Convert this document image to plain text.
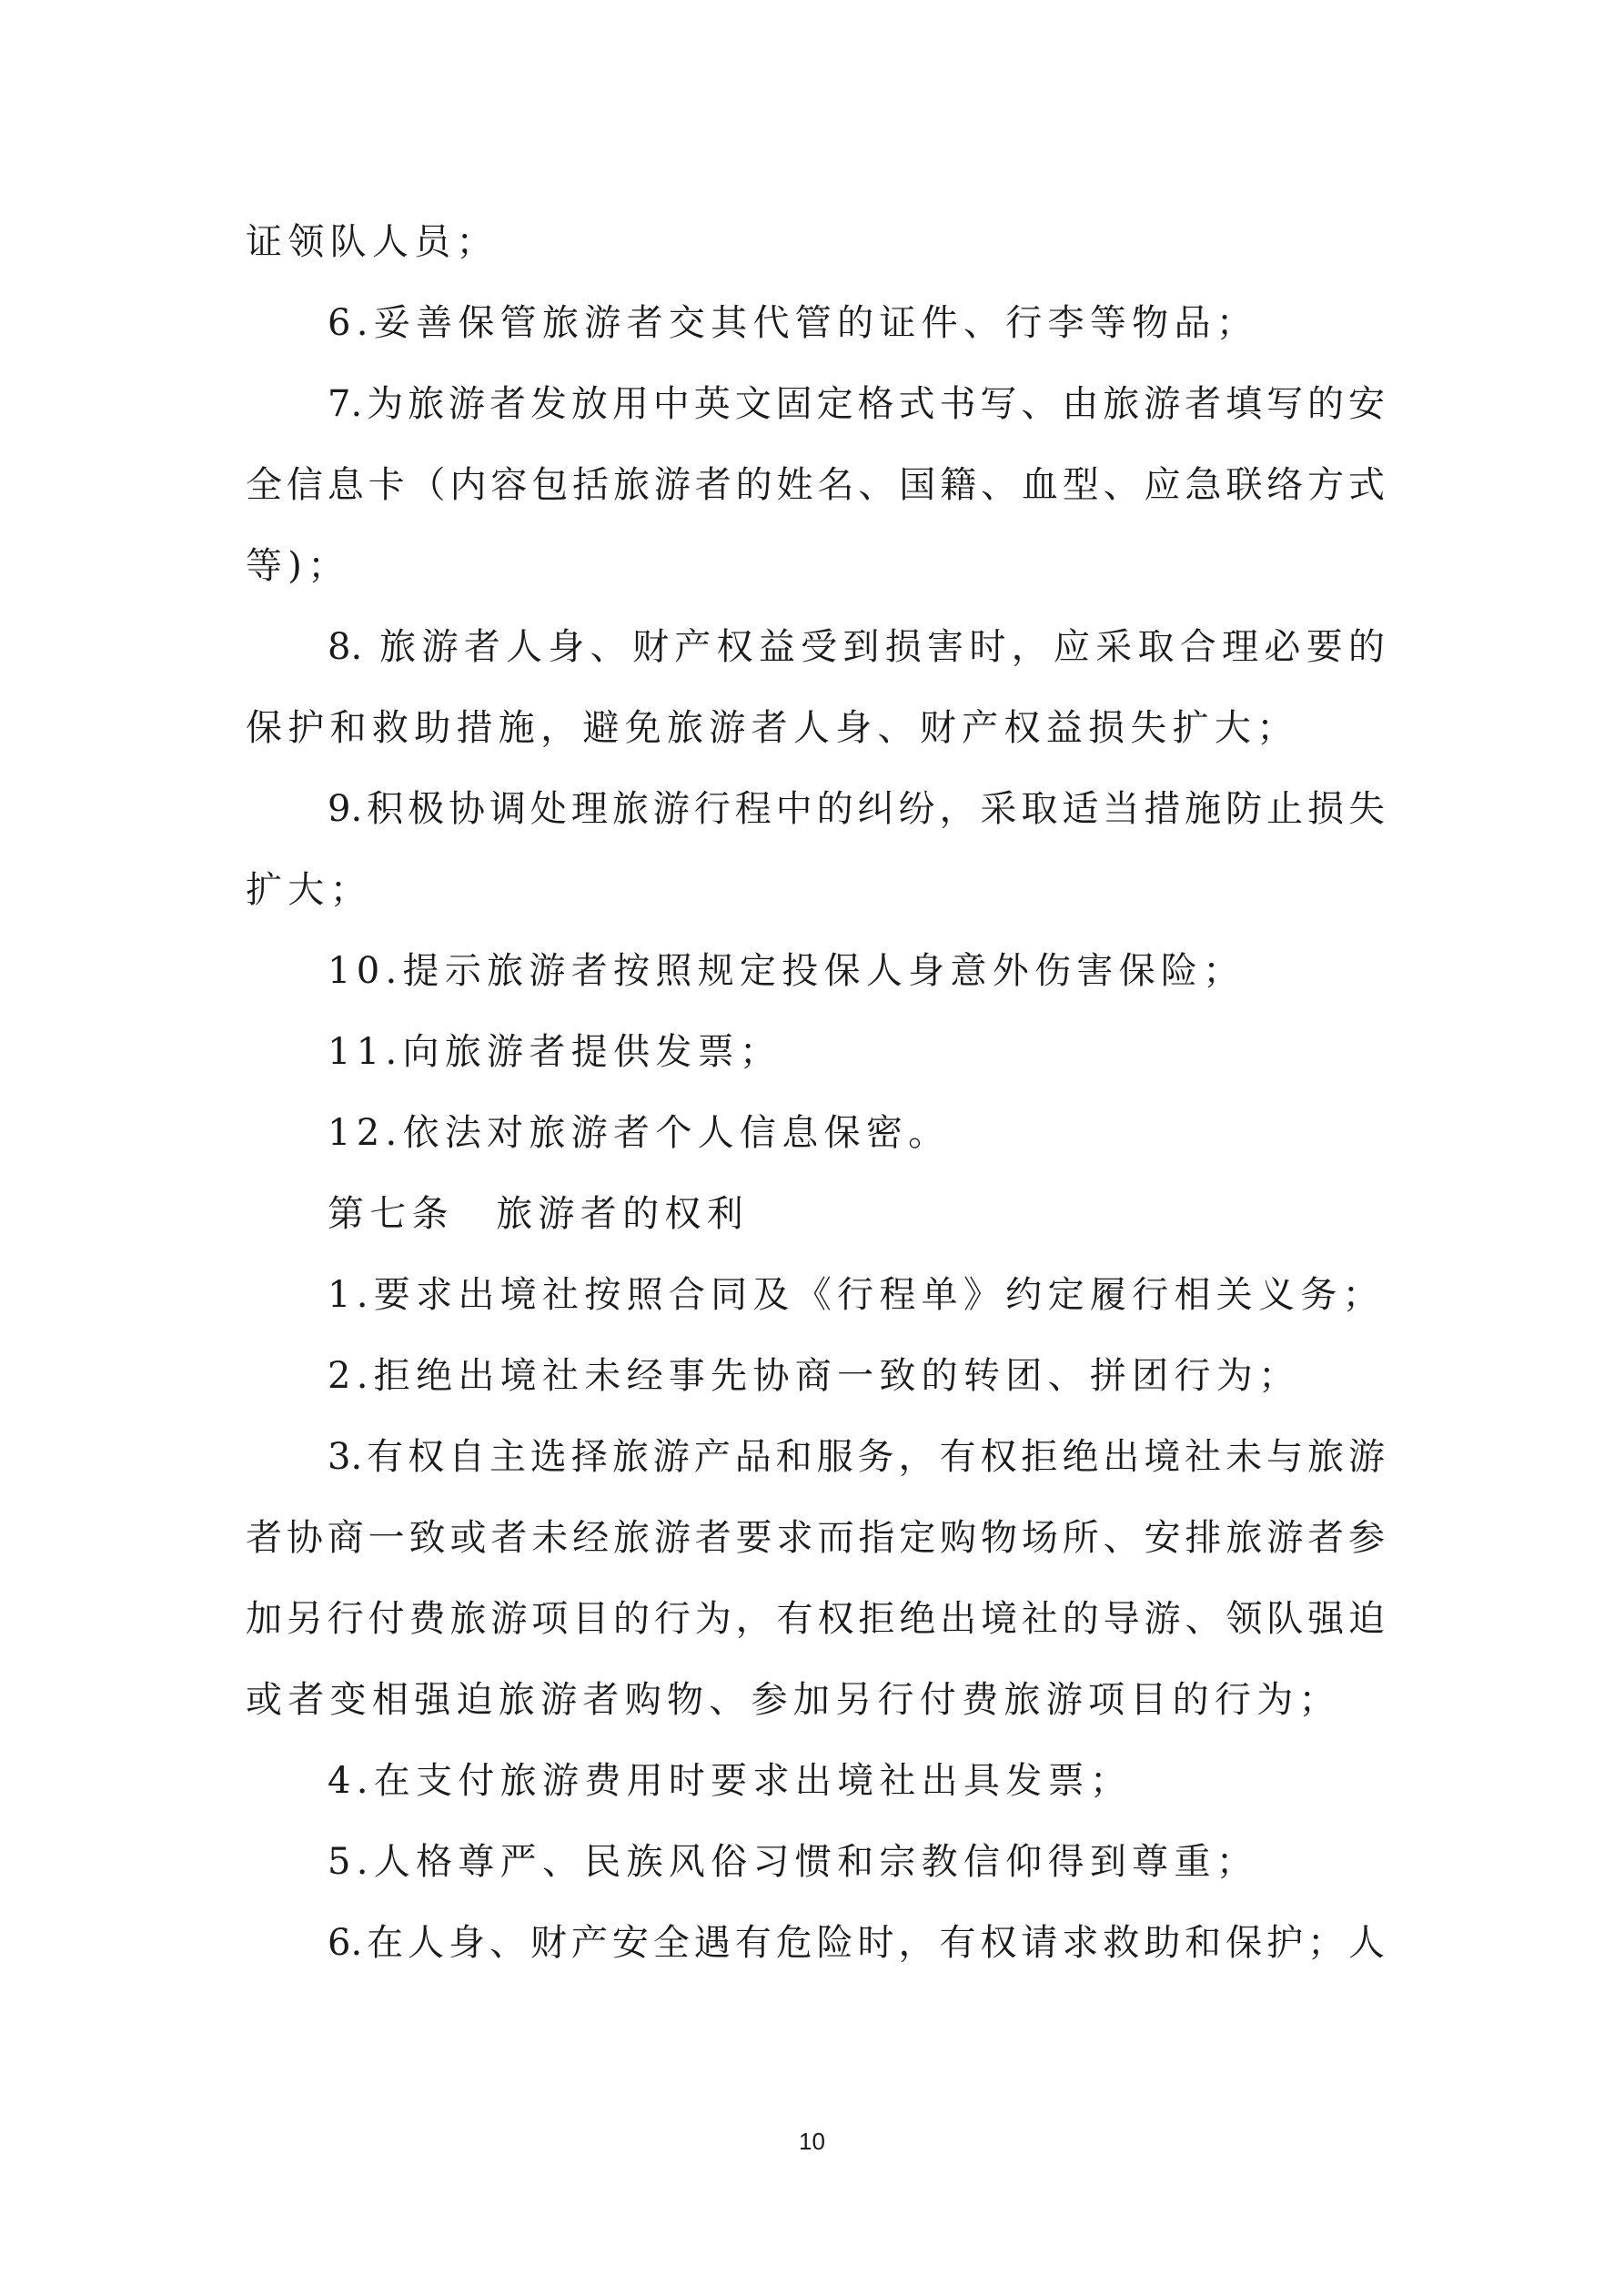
证领队人员；
6.妥善保管旅游者交其代管的证件、行李等物品；
7.为旅游者发放用中英文固定格式书写、由旅游者填写的安
全信息卡（内容包括旅游者的姓名、国籍、血型、应急联络方式
等)；
8. 旅游者人身、财产权益受到损害时，应采取合理必要的
保护和救助措施，避免旅游者人身、财产权益损失扩大；
9.积极协调处理旅游行程中的纠纷，采取适当措施防止损失
扩大；
10.提示旅游者按照规定投保人身意外伤害保险；
11.向旅游者提供发票；
12.依法对旅游者个人信息保密。
第七条　旅游者的权利
1.要求出境社按照合同及《行程单》约定履行相关义务；
2.拒绝出境社未经事先协商一致的转团、拼团行为；
3.有权自主选择旅游产品和服务，有权拒绝出境社未与旅游
者协商一致或者未经旅游者要求而指定购物场所、安排旅游者参
加另行付费旅游项目的行为，有权拒绝出境社的导游、领队强迫
或者变相强迫旅游者购物、参加另行付费旅游项目的行为；
4.在支付旅游费用时要求出境社出具发票；
5.人格尊严、民族风俗习惯和宗教信仰得到尊重；
6.在人身、财产安全遇有危险时，有权请求救助和保护；人
10
